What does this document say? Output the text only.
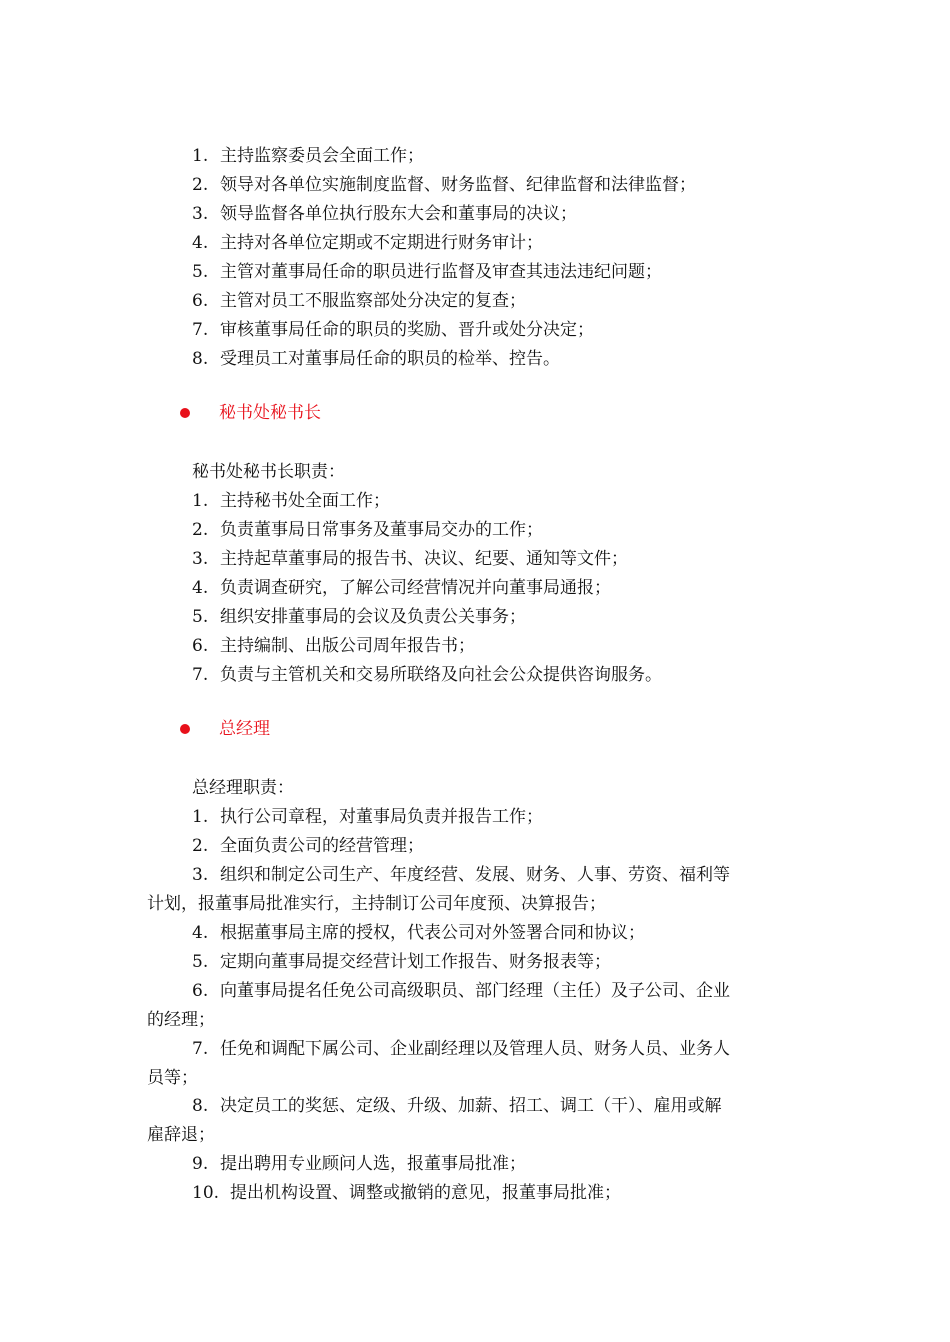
1. 主持监察委员会全面工作；
2. 领导对各单位实施制度监督、财务监督、纪律监督和法律监督；
3. 领导监督各单位执行股东大会和董事局的决议；
4. 主持对各单位定期或不定期进行财务审计；
5. 主管对董事局任命的职员进行监督及审查其违法违纪问题；
6. 主管对员工不服监察部处分决定的复查；
7. 审核董事局任命的职员的奖励、晋升或处分决定；
8. 受理员工对董事局任命的职员的检举、控告。
秘书处秘书长
秘书处秘书长职责：
1. 主持秘书处全面工作；
2. 负责董事局日常事务及董事局交办的工作；
3. 主持起草董事局的报告书、决议、纪要、通知等文件；
4. 负责调查研究，了解公司经营情况并向董事局通报；
5. 组织安排董事局的会议及负责公关事务；
6. 主持编制、出版公司周年报告书；
7. 负责与主管机关和交易所联络及向社会公众提供咨询服务。
总经理
总经理职责：
1. 执行公司章程，对董事局负责并报告工作；
2. 全面负责公司的经营管理；
3. 组织和制定公司生产、年度经营、发展、财务、人事、劳资、福利等
计划，报董事局批准实行，主持制订公司年度预、决算报告；
4. 根据董事局主席的授权，代表公司对外签署合同和协议；
5. 定期向董事局提交经营计划工作报告、财务报表等；
6. 向董事局提名任免公司高级职员、部门经理（主任）及子公司、企业
的经理；
7. 任免和调配下属公司、企业副经理以及管理人员、财务人员、业务人
员等；
8. 决定员工的奖惩、定级、升级、加薪、招工、调工（干）、雇用或解
雇辞退；
9. 提出聘用专业顾问人选，报董事局批准；
10. 提出机构设置、调整或撤销的意见，报董事局批准；
